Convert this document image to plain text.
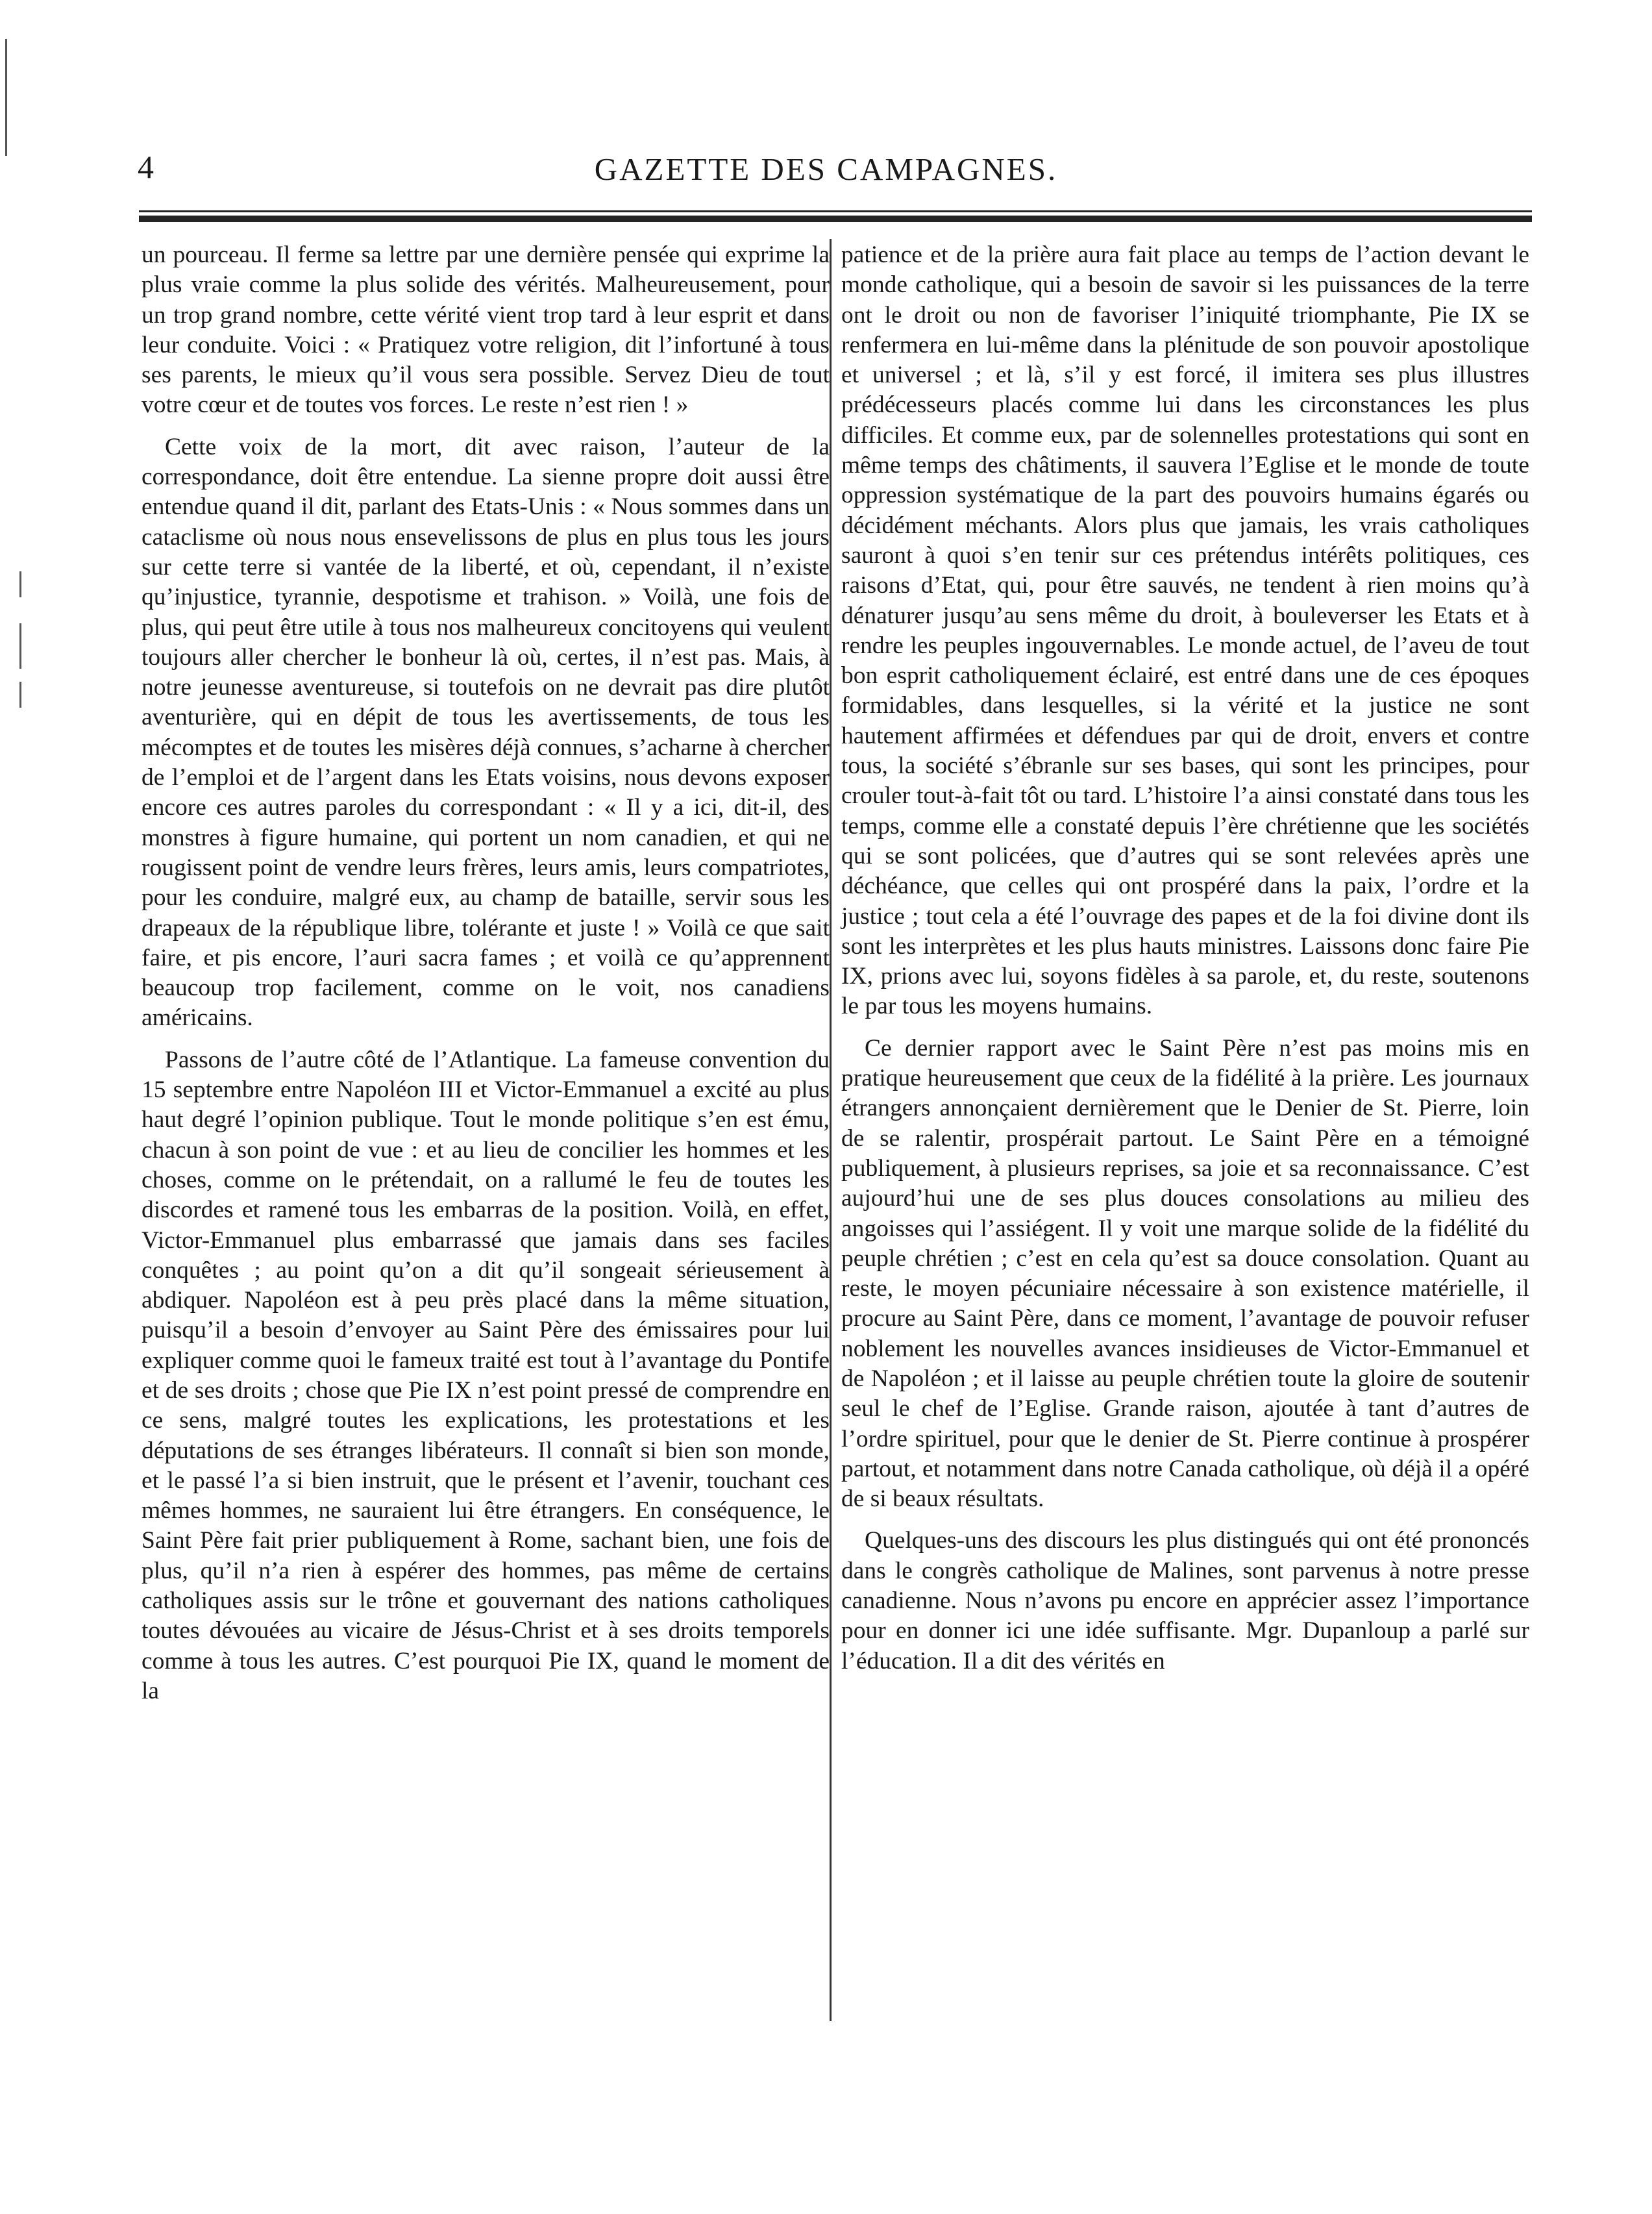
4	GAZETTE DES CAMPAGNES.

un pourceau. Il ferme sa lettre par une dernière pensée qui exprime la plus vraie comme la plus solide des vérités. Malheureusement, pour un trop grand nombre, cette vérité vient trop tard à leur esprit et dans leur conduite. Voici : « Pratiquez votre religion, dit l’infortuné à tous ses parents, le mieux qu’il vous sera possible. Servez Dieu de tout votre cœur et de toutes vos forces. Le reste n’est rien ! »

Cette voix de la mort, dit avec raison, l’auteur de la correspondance, doit être entendue. La sienne propre doit aussi être entendue quand il dit, parlant des Etats-Unis : « Nous sommes dans un cataclisme où nous nous ensevelissons de plus en plus tous les jours sur cette terre si vantée de la liberté, et où, cependant, il n’existe qu’injustice, tyrannie, despotisme et trahison. » Voilà, une fois de plus, qui peut être utile à tous nos malheureux concitoyens qui veulent toujours aller chercher le bonheur là où, certes, il n’est pas. Mais, à notre jeunesse aventureuse, si toutefois on ne devrait pas dire plutôt aventurière, qui en dépit de tous les avertissements, de tous les mécomptes et de toutes les misères déjà connues, s’acharne à chercher de l’emploi et de l’argent dans les Etats voisins, nous devons exposer encore ces autres paroles du correspondant : « Il y a ici, dit-il, des monstres à figure humaine, qui portent un nom canadien, et qui ne rougissent point de vendre leurs frères, leurs amis, leurs compatriotes, pour les conduire, malgré eux, au champ de bataille, servir sous les drapeaux de la république libre, tolérante et juste ! » Voilà ce que sait faire, et pis encore, l’auri sacra fames ; et voilà ce qu’apprennent beaucoup trop facilement, comme on le voit, nos canadiens américains.

Passons de l’autre côté de l’Atlantique. La fameuse convention du 15 septembre entre Napoléon III et Victor-Emmanuel a excité au plus haut degré l’opinion publique. Tout le monde politique s’en est ému, chacun à son point de vue : et au lieu de concilier les hommes et les choses, comme on le prétendait, on a rallumé le feu de toutes les discordes et ramené tous les embarras de la position. Voilà, en effet, Victor-Emmanuel plus embarrassé que jamais dans ses faciles conquêtes ; au point qu’on a dit qu’il songeait sérieusement à abdiquer. Napoléon est à peu près placé dans la même situation, puisqu’il a besoin d’envoyer au Saint Père des émissaires pour lui expliquer comme quoi le fameux traité est tout à l’avantage du Pontife et de ses droits ; chose que Pie IX n’est point pressé de comprendre en ce sens, malgré toutes les explications, les protestations et les députations de ses étranges libérateurs. Il connaît si bien son monde, et le passé l’a si bien instruit, que le présent et l’avenir, touchant ces mêmes hommes, ne sauraient lui être étrangers. En conséquence, le Saint Père fait prier publiquement à Rome, sachant bien, une fois de plus, qu’il n’a rien à espérer des hommes, pas même de certains catholiques assis sur le trône et gouvernant des nations catholiques toutes dévouées au vicaire de Jésus-Christ et à ses droits temporels comme à tous les autres. C’est pourquoi Pie IX, quand le moment de la

patience et de la prière aura fait place au temps de l’action devant le monde catholique, qui a besoin de savoir si les puissances de la terre ont le droit ou non de favoriser l’iniquité triomphante, Pie IX se renfermera en lui-même dans la plénitude de son pouvoir apostolique et universel ; et là, s’il y est forcé, il imitera ses plus illustres prédécesseurs placés comme lui dans les circonstances les plus difficiles. Et comme eux, par de solennelles protestations qui sont en même temps des châtiments, il sauvera l’Eglise et le monde de toute oppression systématique de la part des pouvoirs humains égarés ou décidément méchants. Alors plus que jamais, les vrais catholiques sauront à quoi s’en tenir sur ces prétendus intérêts politiques, ces raisons d’Etat, qui, pour être sauvés, ne tendent à rien moins qu’à dénaturer jusqu’au sens même du droit, à bouleverser les Etats et à rendre les peuples ingouvernables. Le monde actuel, de l’aveu de tout bon esprit catholiquement éclairé, est entré dans une de ces époques formidables, dans lesquelles, si la vérité et la justice ne sont hautement affirmées et défendues par qui de droit, envers et contre tous, la société s’ébranle sur ses bases, qui sont les principes, pour crouler tout-à-fait tôt ou tard. L’histoire l’a ainsi constaté dans tous les temps, comme elle a constaté depuis l’ère chrétienne que les sociétés qui se sont policées, que d’autres qui se sont relevées après une déchéance, que celles qui ont prospéré dans la paix, l’ordre et la justice ; tout cela a été l’ouvrage des papes et de la foi divine dont ils sont les interprètes et les plus hauts ministres. Laissons donc faire Pie IX, prions avec lui, soyons fidèles à sa parole, et, du reste, soutenons le par tous les moyens humains.

Ce dernier rapport avec le Saint Père n’est pas moins mis en pratique heureusement que ceux de la fidélité à la prière. Les journaux étrangers annonçaient dernièrement que le Denier de St. Pierre, loin de se ralentir, prospérait partout. Le Saint Père en a témoigné publiquement, à plusieurs reprises, sa joie et sa reconnaissance. C’est aujourd’hui une de ses plus douces consolations au milieu des angoisses qui l’assiégent. Il y voit une marque solide de la fidélité du peuple chrétien ; c’est en cela qu’est sa douce consolation. Quant au reste, le moyen pécuniaire nécessaire à son existence matérielle, il procure au Saint Père, dans ce moment, l’avantage de pouvoir refuser noblement les nouvelles avances insidieuses de Victor-Emmanuel et de Napoléon ; et il laisse au peuple chrétien toute la gloire de soutenir seul le chef de l’Eglise. Grande raison, ajoutée à tant d’autres de l’ordre spirituel, pour que le denier de St. Pierre continue à prospérer partout, et notamment dans notre Canada catholique, où déjà il a opéré de si beaux résultats.

Quelques-uns des discours les plus distingués qui ont été prononcés dans le congrès catholique de Malines, sont parvenus à notre presse canadienne. Nous n’avons pu encore en apprécier assez l’importance pour en donner ici une idée suffisante. Mgr. Dupanloup a parlé sur l’éducation. Il a dit des vérités en
